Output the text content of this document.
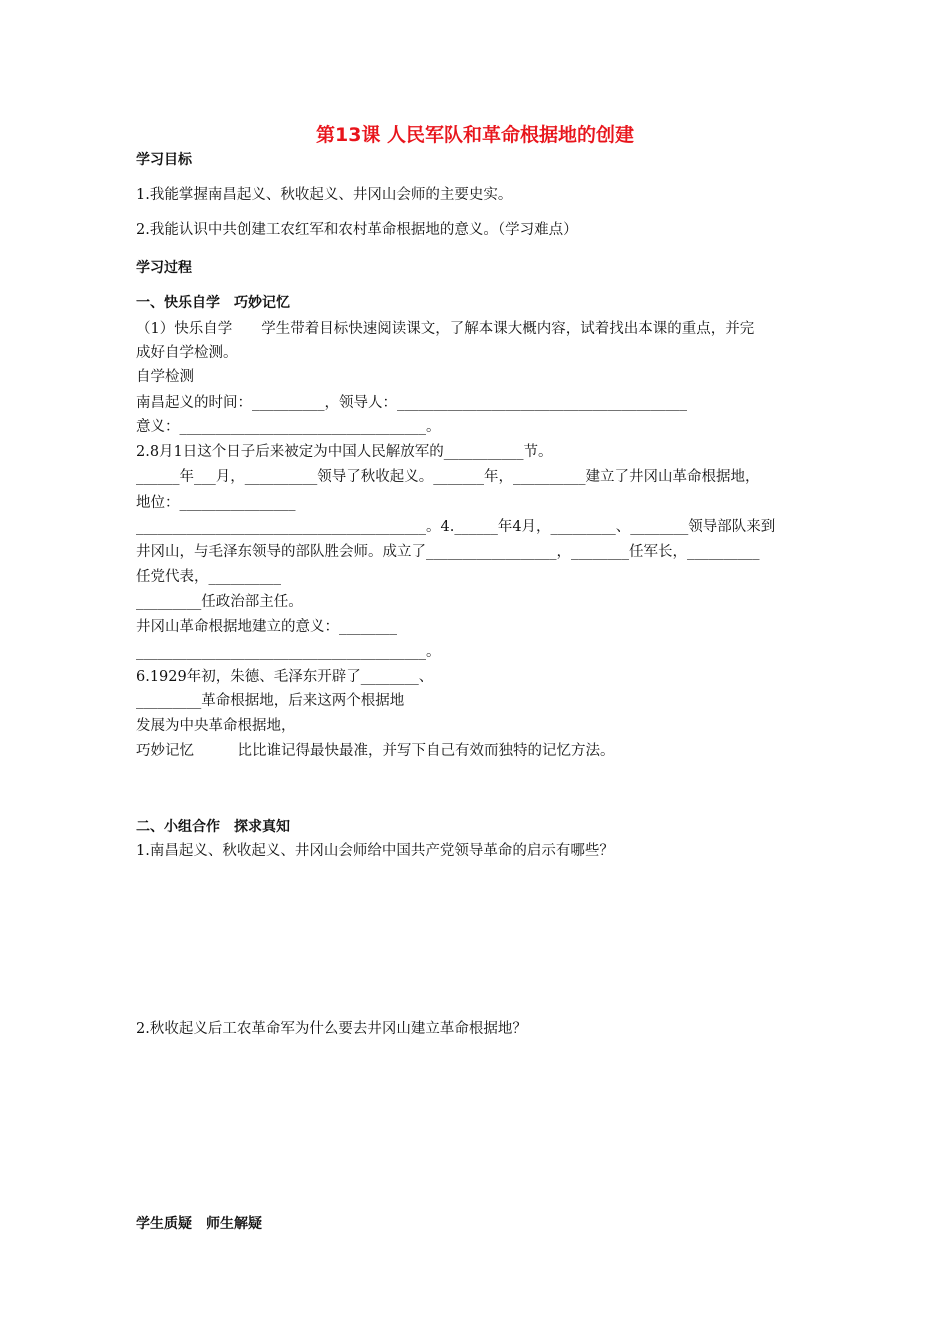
第13课 人民军队和革命根据地的创建
学习目标
1.我能掌握南昌起义、秋收起义、井冈山会师的主要史实。
2.我能认识中共创建工农红军和农村革命根据地的意义。（学习难点）
学习过程
一、快乐自学　巧妙记忆
（1）快乐自学　　学生带着目标快速阅读课文，了解本课大概内容，试着找出本课的重点，并完
成好自学检测。
自学检测
南昌起义的时间：__________，领导人：________________________________________
意义：__________________________________。
2.8月1日这个日子后来被定为中国人民解放军的___________节。
______年___月，__________领导了秋收起义。_______年，__________建立了井冈山革命根据地，
地位：________________
________________________________________。4.______年4月，_________、________领导部队来到
井冈山，与毛泽东领导的部队胜会师。成立了__________________，________任军长，__________
任党代表，__________
_________任政治部主任。
井冈山革命根据地建立的意义：________
________________________________________。
6.1929年初，朱德、毛泽东开辟了________、
_________革命根据地，后来这两个根据地
发展为中央革命根据地，
巧妙记忆　　　比比谁记得最快最准，并写下自己有效而独特的记忆方法。
二、小组合作　探求真知
1.南昌起义、秋收起义、井冈山会师给中国共产党领导革命的启示有哪些？
2.秋收起义后工农革命军为什么要去井冈山建立革命根据地？
学生质疑　师生解疑
